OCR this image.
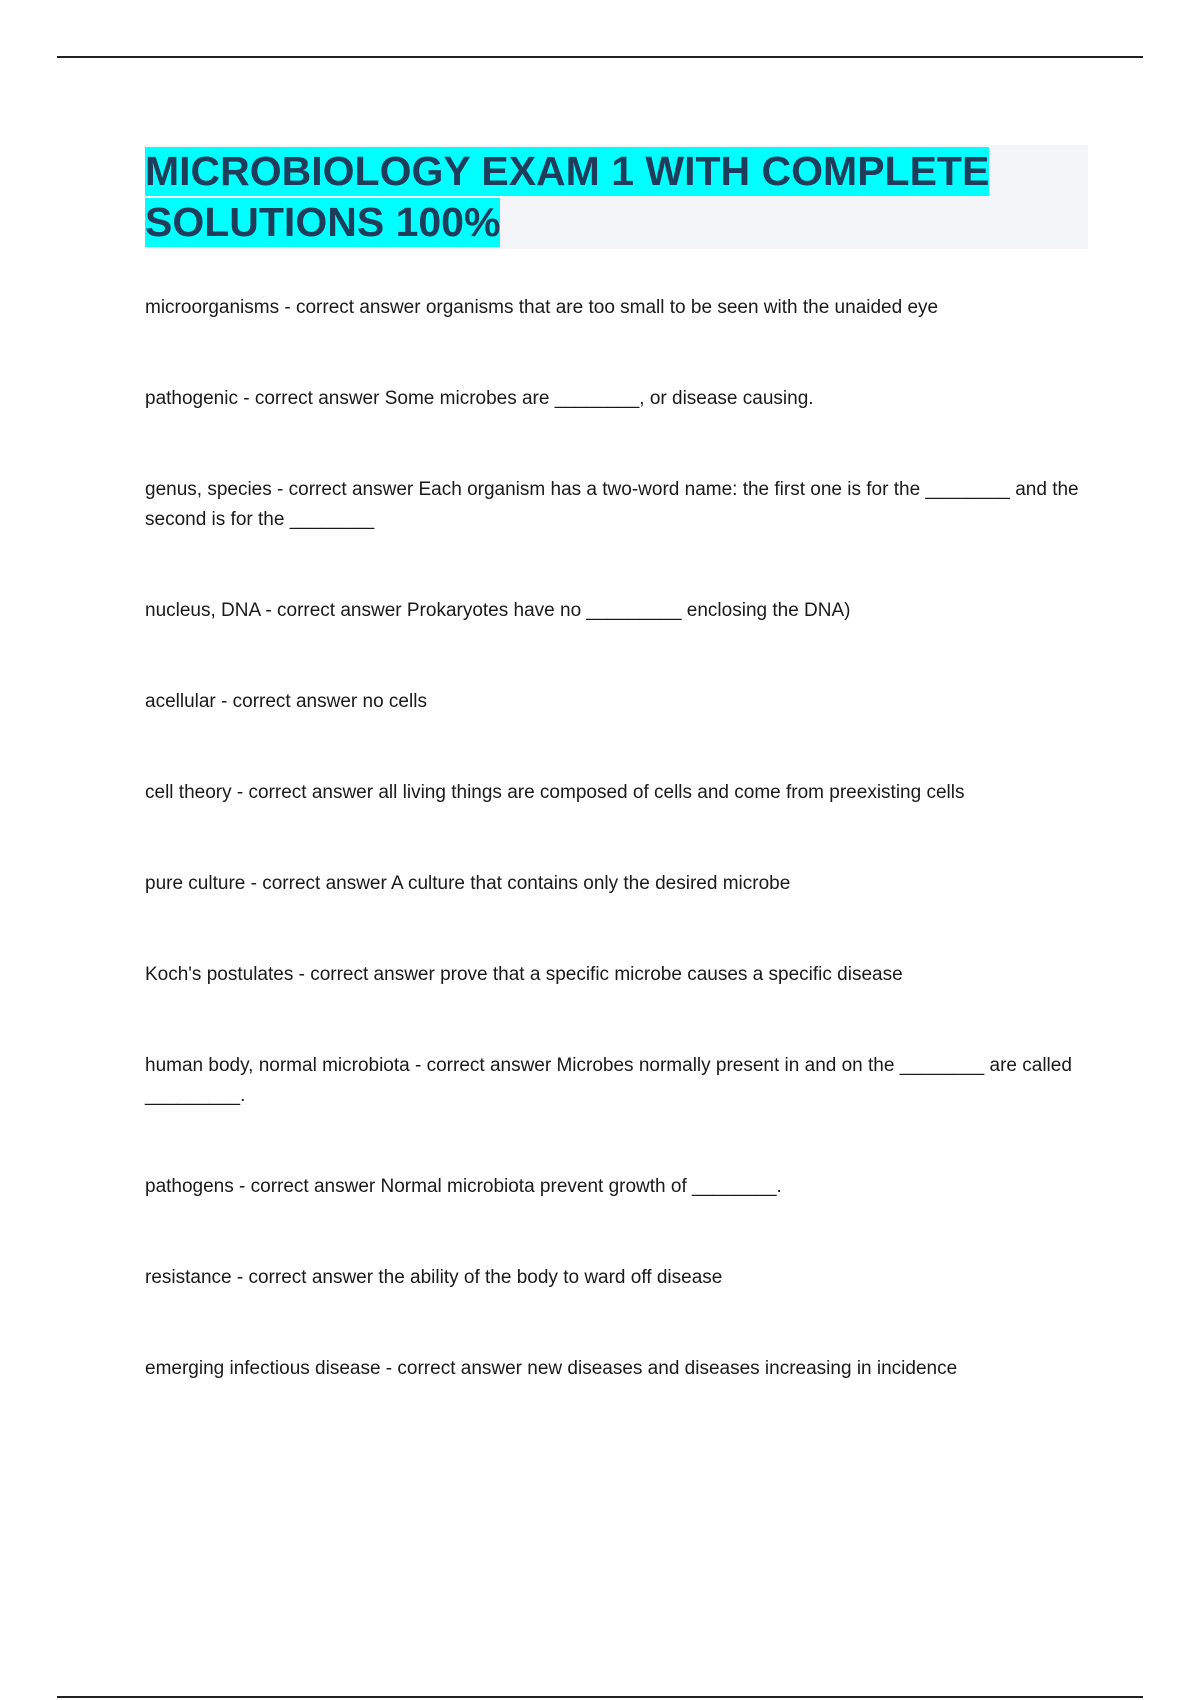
MICROBIOLOGY EXAM 1 WITH COMPLETE SOLUTIONS 100%
microorganisms - correct answer organisms that are too small to be seen with the unaided eye
pathogenic - correct answer Some microbes are ________, or disease causing.
genus, species - correct answer Each organism has a two-word name: the first one is for the ________ and the second is for the ________
nucleus, DNA - correct answer Prokaryotes have no _________ enclosing the DNA)
acellular - correct answer no cells
cell theory - correct answer all living things are composed of cells and come from preexisting cells
pure culture - correct answer A culture that contains only the desired microbe
Koch's postulates - correct answer prove that a specific microbe causes a specific disease
human body, normal microbiota - correct answer Microbes normally present in and on the ________ are called _________.
pathogens - correct answer Normal microbiota prevent growth of ________.
resistance - correct answer the ability of the body to ward off disease
emerging infectious disease - correct answer new diseases and diseases increasing in incidence
